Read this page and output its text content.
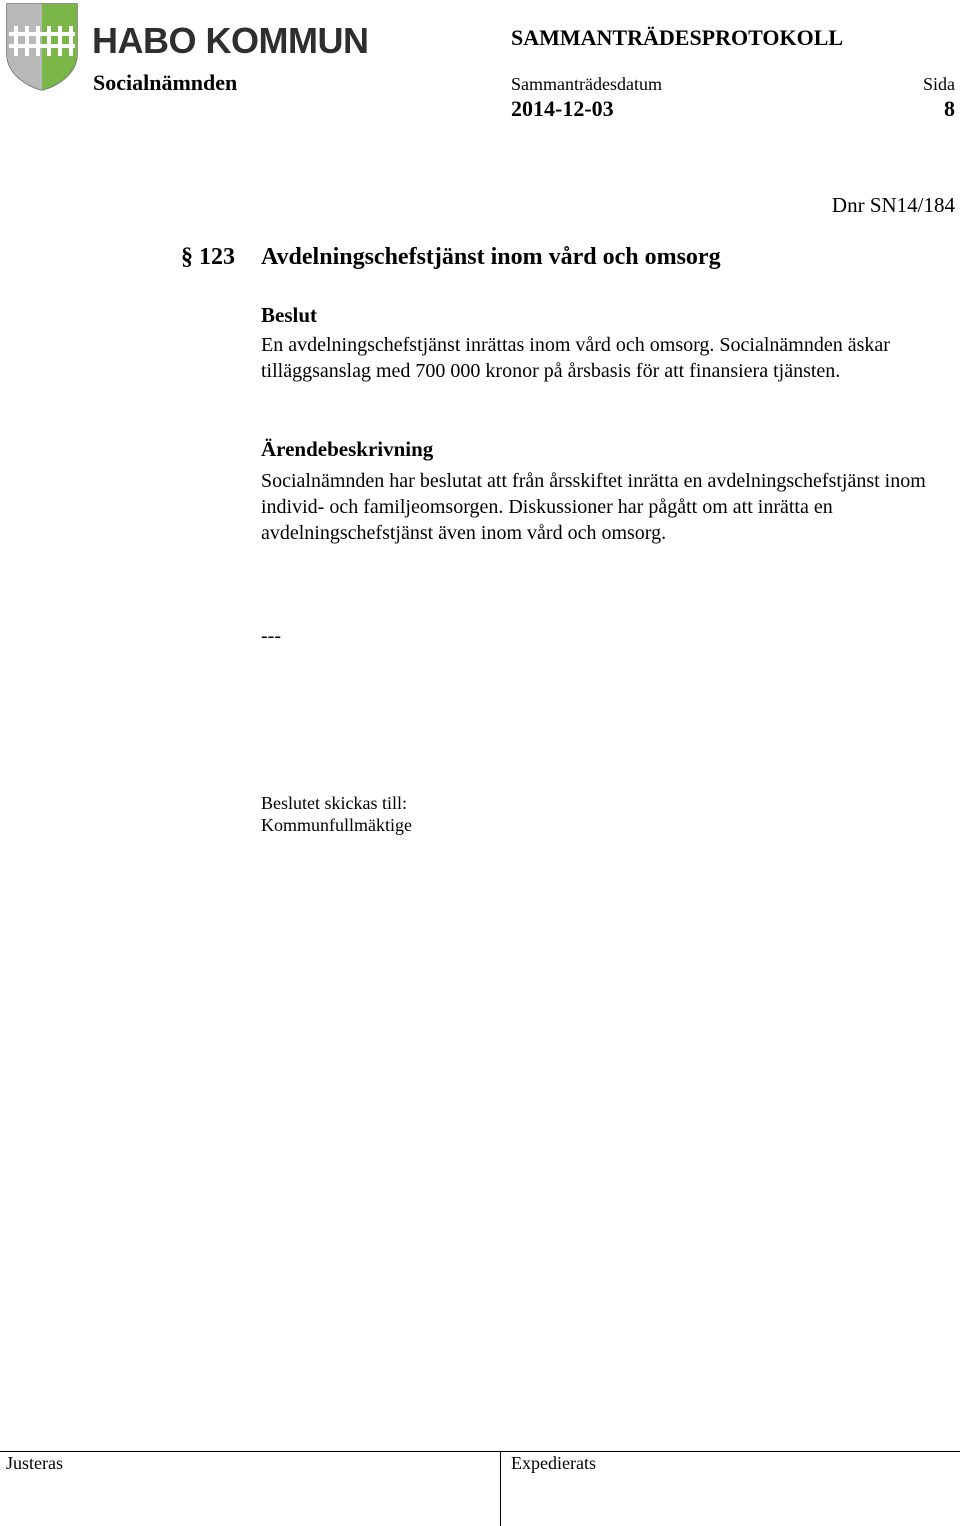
HABO KOMMUN
Socialnämnden
SAMMANTRÄDESPROTOKOLL
Sammanträdesdatum	Sida
2014-12-03	8
Dnr SN14/184
§ 123 Avdelningschefstjänst inom vård och omsorg

Beslut

En avdelningschefstjänst inrättas inom vård och omsorg. Socialnämnden äskar tilläggsanslag med 700 000 kronor på årsbasis för att finansiera tjänsten.

Ärendebeskrivning

Socialnämnden har beslutat att från årsskiftet inrätta en avdelningschefstjänst inom individ- och familjeomsorgen. Diskussioner har pågått om att inrätta en avdelningschefstjänst även inom vård och omsorg.

---
Beslutet skickas till:
Kommunfullmäktige
Justeras	Expedierats
